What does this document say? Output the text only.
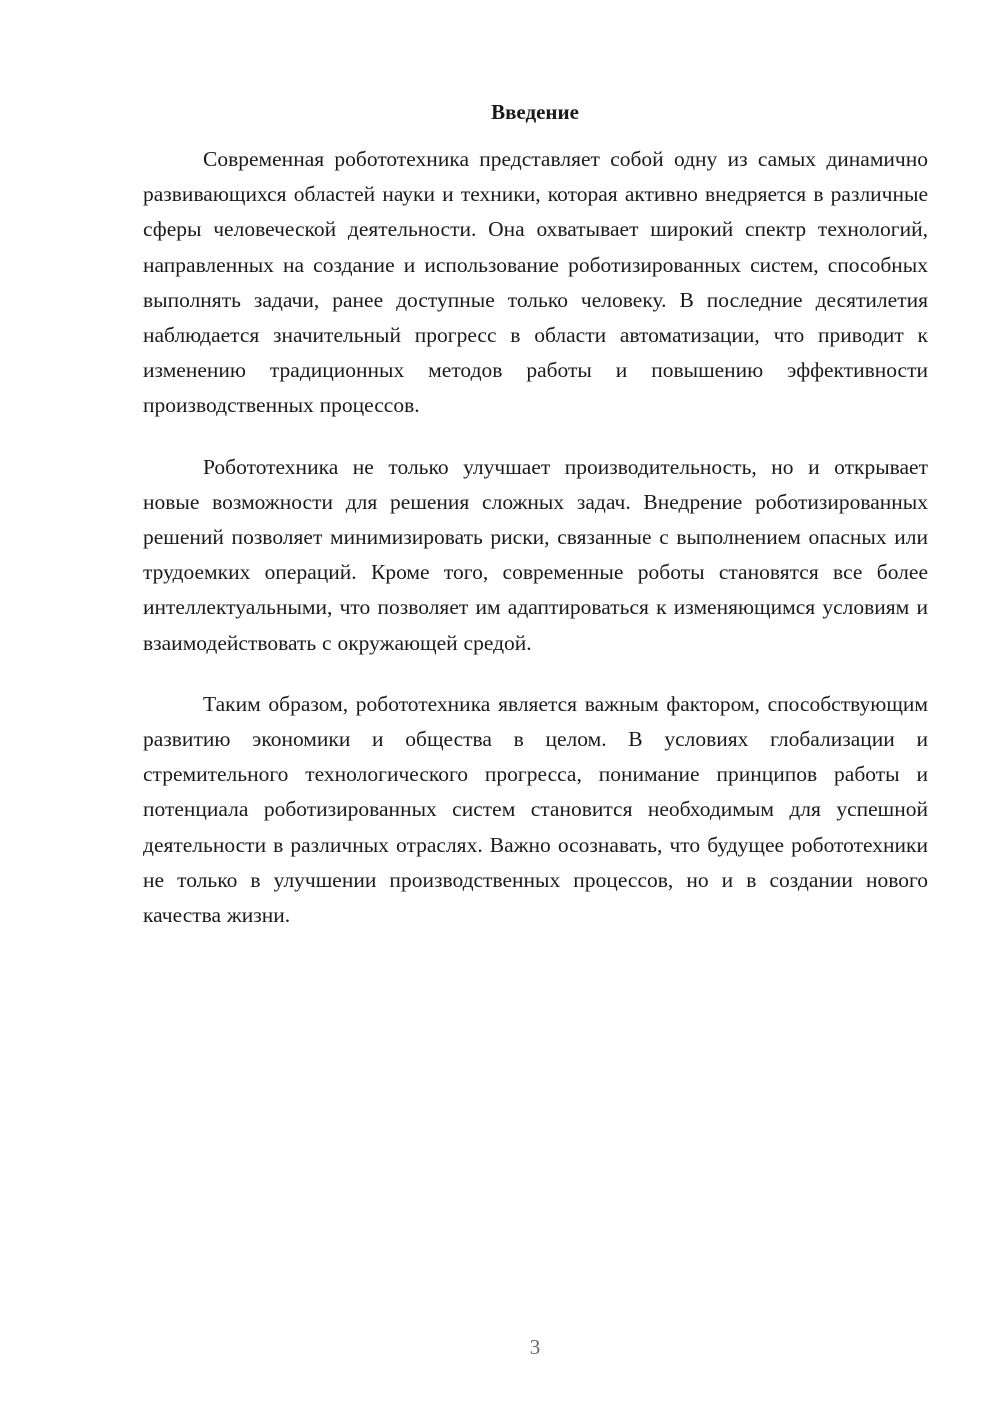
Введение

Современная робототехника представляет собой одну из самых динамично развивающихся областей науки и техники, которая активно внедряется в различные сферы человеческой деятельности. Она охватывает широкий спектр технологий, направленных на создание и использование роботизированных систем, способных выполнять задачи, ранее доступные только человеку. В последние десятилетия наблюдается значительный прогресс в области автоматизации, что приводит к изменению традиционных методов работы и повышению эффективности производственных процессов.

Робототехника не только улучшает производительность, но и открывает новые возможности для решения сложных задач. Внедрение роботизированных решений позволяет минимизировать риски, связанные с выполнением опасных или трудоемких операций. Кроме того, современные роботы становятся все более интеллектуальными, что позволяет им адаптироваться к изменяющимся условиям и взаимодействовать с окружающей средой.

Таким образом, робототехника является важным фактором, способствующим развитию экономики и общества в целом. В условиях глобализации и стремительного технологического прогресса, понимание принципов работы и потенциала роботизированных систем становится необходимым для успешной деятельности в различных отраслях. Важно осознавать, что будущее робототехники не только в улучшении производственных процессов, но и в создании нового качества жизни.

3
